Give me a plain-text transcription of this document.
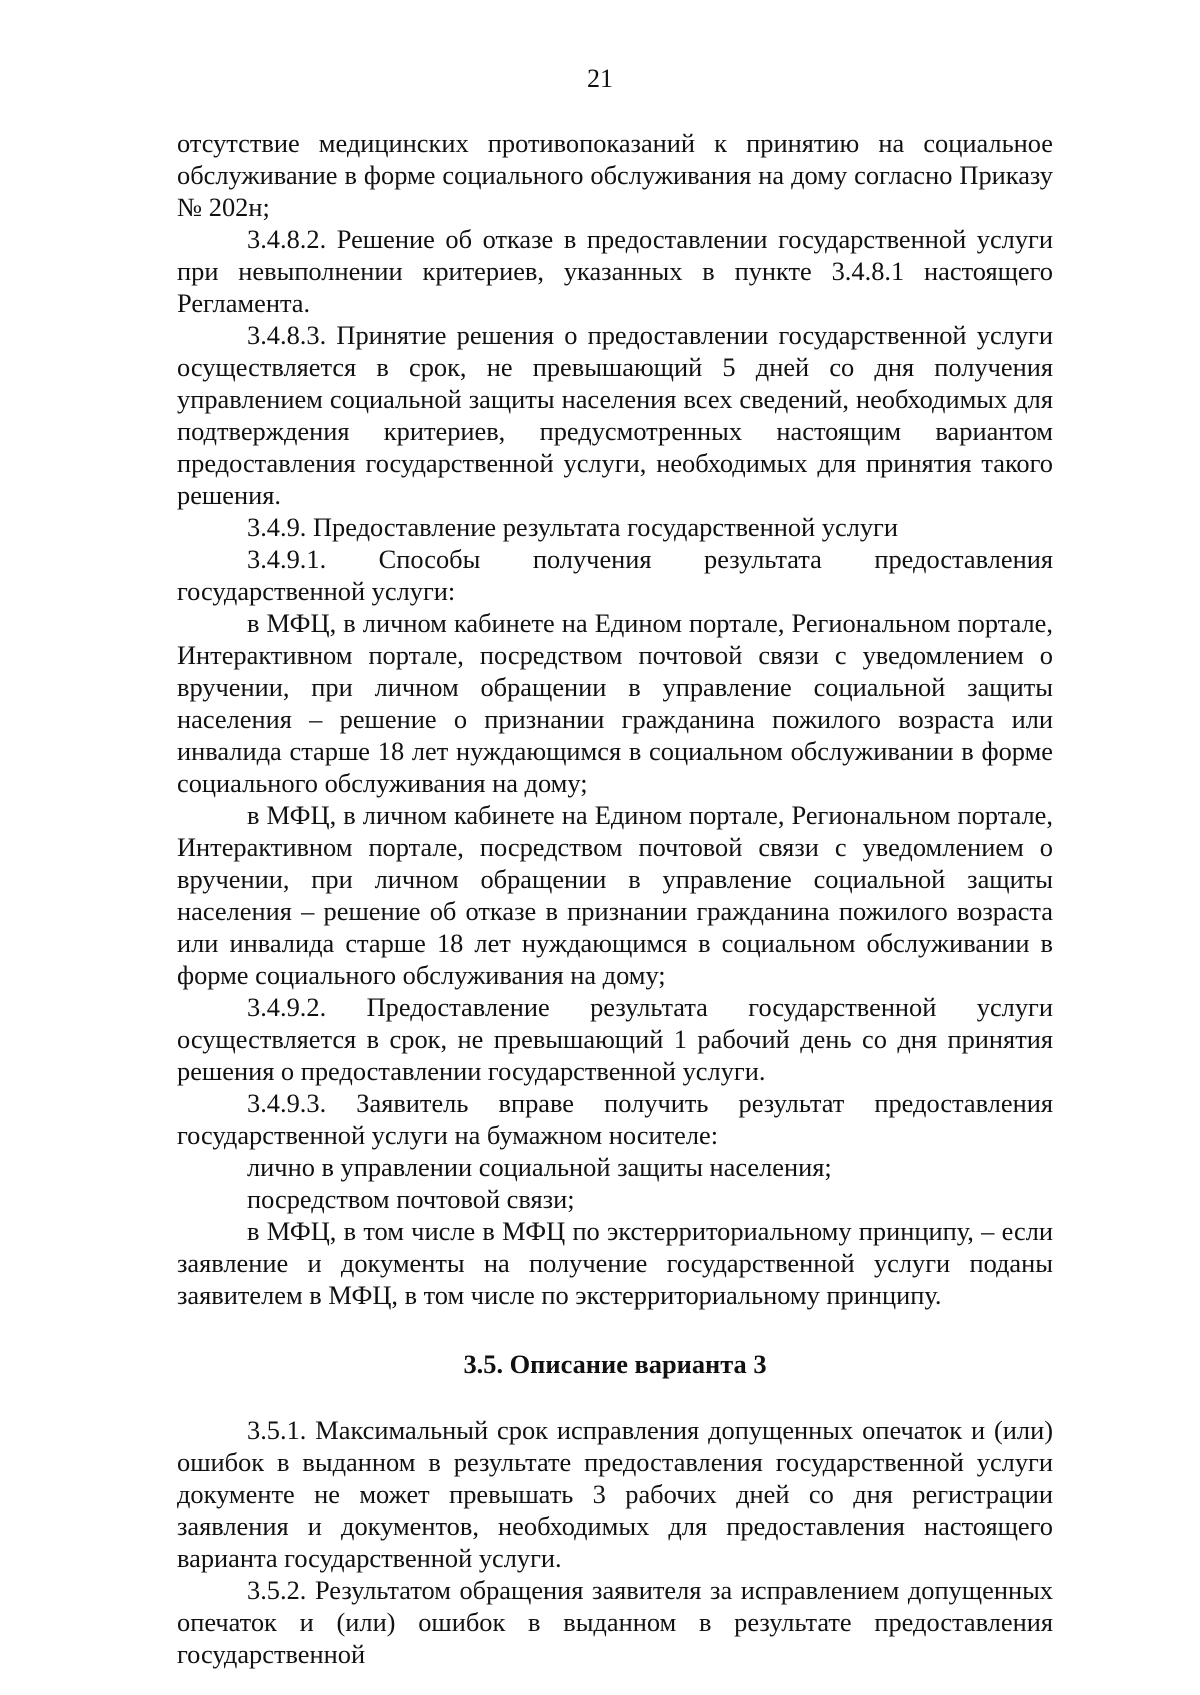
21

отсутствие медицинских противопоказаний к принятию на социальное обслуживание в форме социального обслуживания на дому согласно Приказу № 202н;

3.4.8.2. Решение об отказе в предоставлении государственной услуги при невыполнении критериев, указанных в пункте 3.4.8.1 настоящего Регламента.

3.4.8.3. Принятие решения о предоставлении государственной услуги осуществляется в срок, не превышающий 5 дней со дня получения управлением социальной защиты населения всех сведений, необходимых для подтверждения критериев, предусмотренных настоящим вариантом предоставления государственной услуги, необходимых для принятия такого решения.

3.4.9. Предоставление результата государственной услуги

3.4.9.1. Способы получения результата предоставления государственной услуги:

в МФЦ, в личном кабинете на Едином портале, Региональном портале, Интерактивном портале, посредством почтовой связи с уведомлением о вручении, при личном обращении в управление социальной защиты населения – решение о признании гражданина пожилого возраста или инвалида старше 18 лет нуждающимся в социальном обслуживании в форме социального обслуживания на дому;

в МФЦ, в личном кабинете на Едином портале, Региональном портале, Интерактивном портале, посредством почтовой связи с уведомлением о вручении, при личном обращении в управление социальной защиты населения – решение об отказе в признании гражданина пожилого возраста или инвалида старше 18 лет нуждающимся в социальном обслуживании в форме социального обслуживания на дому;

3.4.9.2. Предоставление результата государственной услуги осуществляется в срок, не превышающий 1 рабочий день со дня принятия решения о предоставлении государственной услуги.

3.4.9.3. Заявитель вправе получить результат предоставления государственной услуги на бумажном носителе:

лично в управлении социальной защиты населения;

посредством почтовой связи;

в МФЦ, в том числе в МФЦ по экстерриториальному принципу, – если заявление и документы на получение государственной услуги поданы заявителем в МФЦ, в том числе по экстерриториальному принципу.

3.5. Описание варианта 3

3.5.1. Максимальный срок исправления допущенных опечаток и (или) ошибок в выданном в результате предоставления государственной услуги документе не может превышать 3 рабочих дней со дня регистрации заявления и документов, необходимых для предоставления настоящего варианта государственной услуги.

3.5.2. Результатом обращения заявителя за исправлением допущенных опечаток и (или) ошибок в выданном в результате предоставления государственной
